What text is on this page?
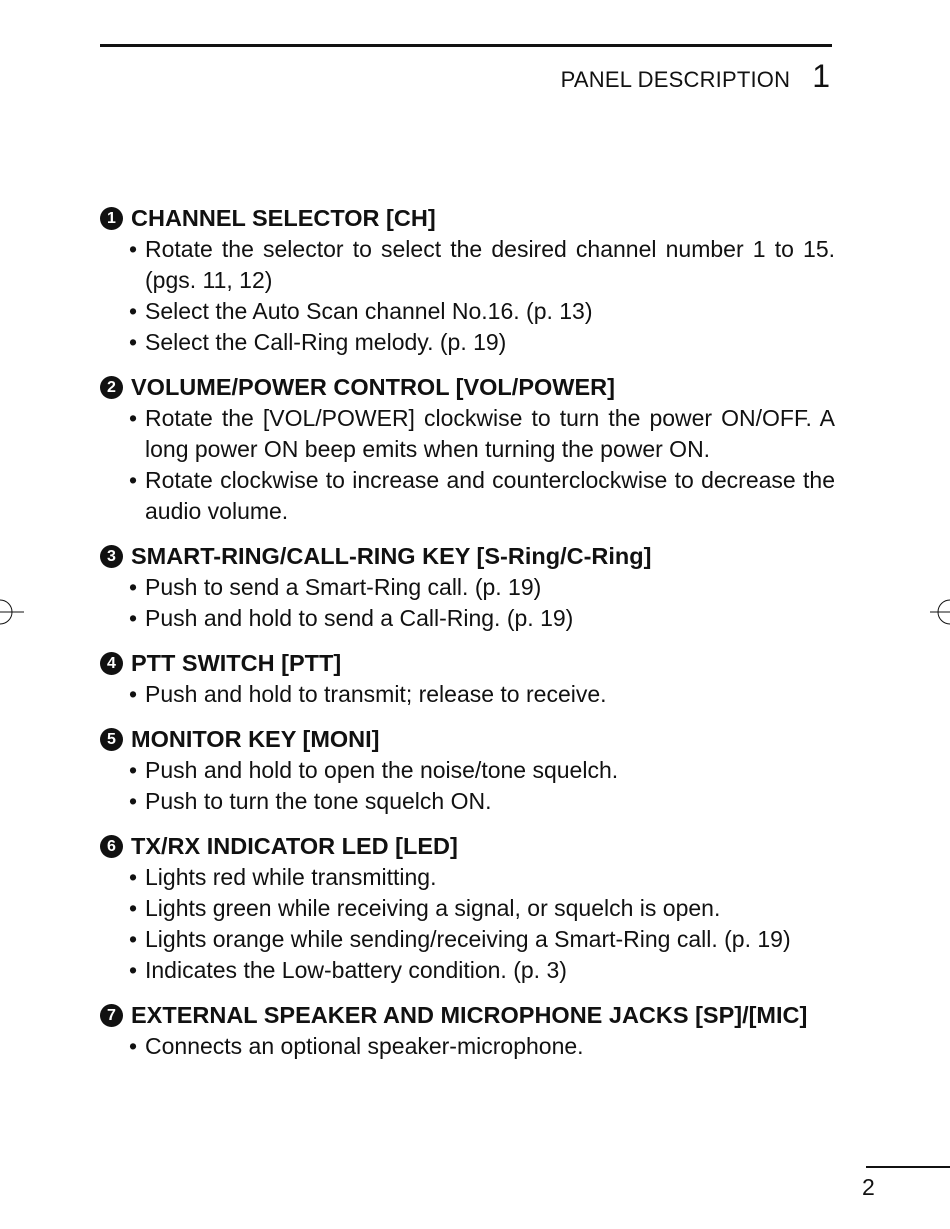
PANEL DESCRIPTION 1
1 CHANNEL SELECTOR [CH]
• Rotate the selector to select the desired channel number 1 to 15. (pgs. 11, 12)
• Select the Auto Scan channel No.16. (p. 13)
• Select the Call-Ring melody. (p. 19)
2 VOLUME/POWER CONTROL [VOL/POWER]
• Rotate the [VOL/POWER] clockwise to turn the power ON/OFF. A long power ON beep emits when turning the power ON.
• Rotate clockwise to increase and counterclockwise to decrease the audio volume.
3 SMART-RING/CALL-RING KEY [S-Ring/C-Ring]
• Push to send a Smart-Ring call. (p. 19)
• Push and hold to send a Call-Ring. (p. 19)
4 PTT SWITCH [PTT]
• Push and hold to transmit; release to receive.
5 MONITOR KEY [MONI]
• Push and hold to open the noise/tone squelch.
• Push to turn the tone squelch ON.
6 TX/RX INDICATOR LED [LED]
• Lights red while transmitting.
• Lights green while receiving a signal, or squelch is open.
• Lights orange while sending/receiving a Smart-Ring call. (p. 19)
• Indicates the Low-battery condition. (p. 3)
7 EXTERNAL SPEAKER AND MICROPHONE JACKS [SP]/[MIC]
• Connects an optional speaker-microphone.
2
